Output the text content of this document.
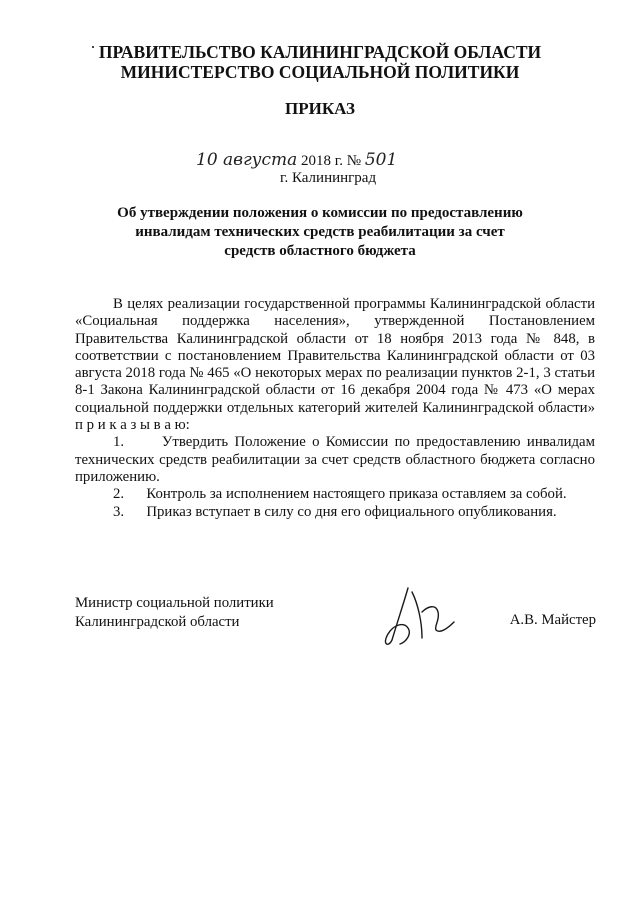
ПРАВИТЕЛЬСТВО КАЛИНИНГРАДСКОЙ ОБЛАСТИ
МИНИСТЕРСТВО СОЦИАЛЬНОЙ ПОЛИТИКИ
ПРИКАЗ
10 августа 2018 г. № 501
г. Калининград
Об утверждении положения о комиссии по предоставлению
инвалидам технических средств реабилитации за счет
средств областного бюджета

В целях реализации государственной программы Калининградской области «Социальная поддержка населения», утвержденной Постановлением Правительства Калининградской области от 18 ноября 2013 года № 848, в соответствии с постановлением Правительства Калининградской области от 03 августа 2018 года № 465 «О некоторых мерах по реализации пунктов 2-1, 3 статьи 8-1 Закона Калининградской области от 16 декабря 2004 года № 473 «О мерах социальной поддержки отдельных категорий жителей Калининградской области» п р и к а з ы в а ю:

1.	Утвердить Положение о Комиссии по предоставлению инвалидам технических средств реабилитации за счет средств областного бюджета согласно приложению.

2. Контроль за исполнением настоящего приказа оставляем за собой.

3. Приказ вступает в силу со дня его официального опубликования.

Министр социальной политики
Калининградской области	А.В. Майстер
